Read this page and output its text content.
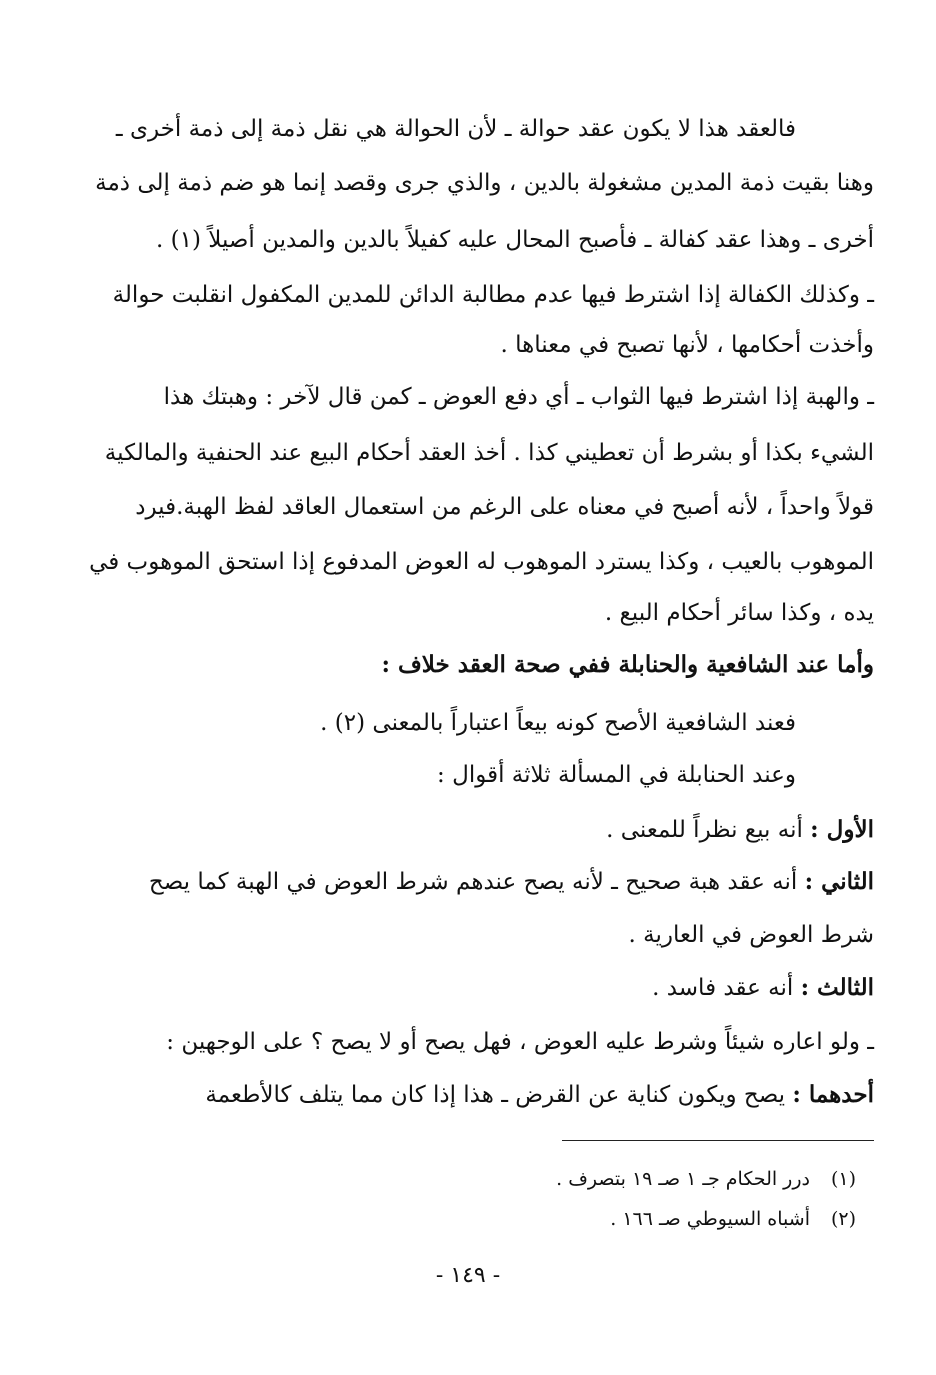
فالعقد هذا لا يكون عقد حوالة ـ لأن الحوالة هي نقل ذمة إلى ذمة أخرى ـ
وهنا بقيت ذمة المدين مشغولة بالدين ، والذي جرى وقصد إنما هو ضم ذمة إلى ذمة
أخرى ـ وهذا عقد كفالة ـ فأصبح المحال عليه كفيلاً بالدين والمدين أصيلاً (١) .
ـ وكذلك الكفالة إذا اشترط فيها عدم مطالبة الدائن للمدين المكفول انقلبت حوالة
وأخذت أحكامها ، لأنها تصبح في معناها .
ـ والهبة إذا اشترط فيها الثواب ـ أي دفع العوض ـ كمن قال لآخر : وهبتك هذا
الشيء بكذا أو بشرط أن تعطيني كذا . أخذ العقد أحكام البيع عند الحنفية والمالكية
قولاً واحداً ، لأنه أصبح في معناه على الرغم من استعمال العاقد لفظ الهبة.فيرد
الموهوب بالعيب ، وكذا يسترد الموهوب له العوض المدفوع إذا استحق الموهوب في
يده ، وكذا سائر أحكام البيع .
وأما عند الشافعية والحنابلة ففي صحة العقد خلاف :
فعند الشافعية الأصح كونه بيعاً اعتباراً بالمعنى (٢) .
وعند الحنابلة في المسألة ثلاثة أقوال :
الأول : أنه بيع نظراً للمعنى .
الثاني : أنه عقد هبة صحيح ـ لأنه يصح عندهم شرط العوض في الهبة كما يصح
شرط العوض في العارية .
الثالث : أنه عقد فاسد .
ـ ولو اعاره شيئاً وشرط عليه العوض ، فهل يصح أو لا يصح ؟ على الوجهين :
أحدهما : يصح ويكون كناية عن القرض ـ هذا إذا كان مما يتلف كالأطعمة
(١)درر الحكام جـ ١ صـ ١٩ بتصرف .
(٢)أشباه السيوطي صـ ١٦٦ .
- ١٤٩ -
